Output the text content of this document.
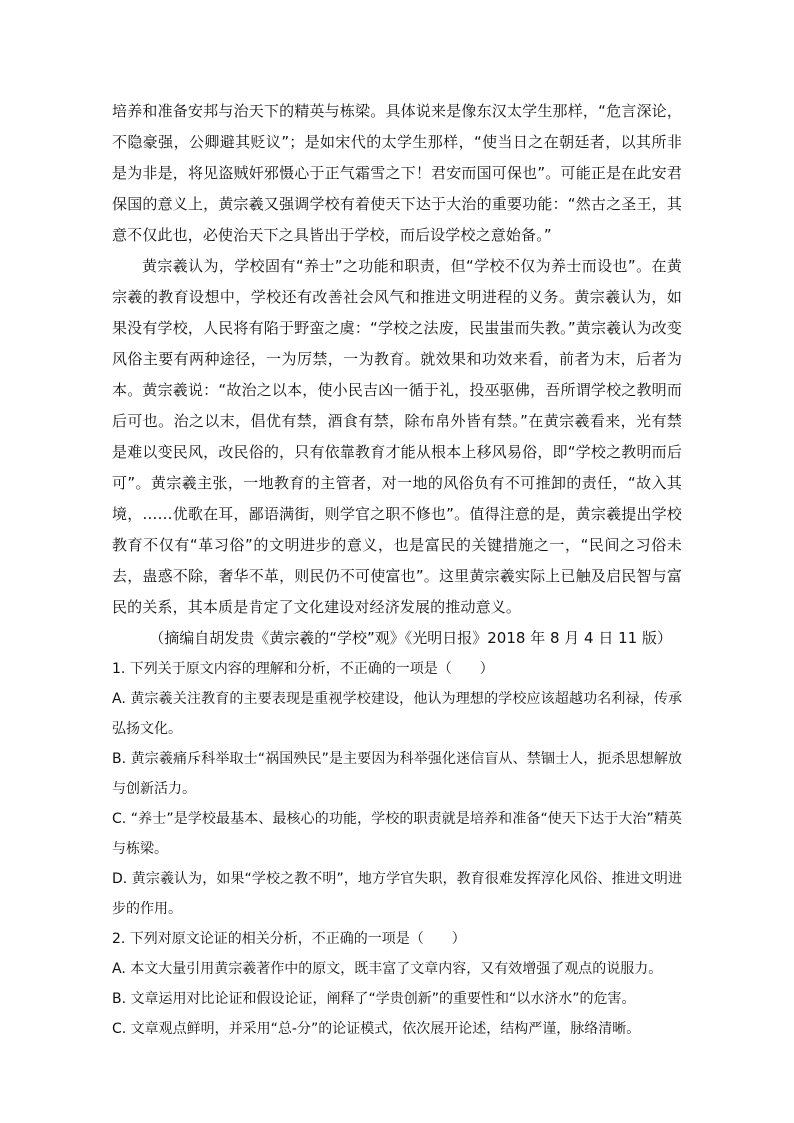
培养和准备安邦与治天下的精英与栋梁。具体说来是像东汉太学生那样，“危言深论，不隐豪强，公卿避其贬议”；是如宋代的太学生那样，“使当日之在朝廷者，以其所非是为非是，将见盗贼奸邪慑心于正气霜雪之下！君安而国可保也”。可能正是在此安君保国的意义上，黄宗羲又强调学校有着使天下达于大治的重要功能：“然古之圣王，其意不仅此也，必使治天下之具皆出于学校，而后设学校之意始备。”

黄宗羲认为，学校固有“养士”之功能和职责，但“学校不仅为养士而设也”。在黄宗羲的教育设想中，学校还有改善社会风气和推进文明进程的义务。黄宗羲认为，如果没有学校，人民将有陷于野蛮之虞：“学校之法废，民蚩蚩而失教。”黄宗羲认为改变风俗主要有两种途径，一为厉禁，一为教育。就效果和功效来看，前者为末，后者为本。黄宗羲说：“故治之以本，使小民吉凶一循于礼，投巫驱佛，吾所谓学校之教明而后可也。治之以末，倡优有禁，酒食有禁，除布帛外皆有禁。”在黄宗羲看来，光有禁是难以变民风，改民俗的，只有依靠教育才能从根本上移风易俗，即“学校之教明而后可”。黄宗羲主张，一地教育的主管者，对一地的风俗负有不可推卸的责任，“故入其境，……优歌在耳，鄙语满街，则学官之职不修也”。值得注意的是，黄宗羲提出学校教育不仅有“革习俗”的文明进步的意义，也是富民的关键措施之一，“民间之习俗未去，蛊惑不除，奢华不革，则民仍不可使富也”。这里黄宗羲实际上已触及启民智与富民的关系，其本质是肯定了文化建设对经济发展的推动意义。

（摘编自胡发贵《黄宗羲的“学校”观》《光明日报》2018 年 8 月 4 日 11 版）

1. 下列关于原文内容的理解和分析，不正确的一项是（　　）

A. 黄宗羲关注教育的主要表现是重视学校建设，他认为理想的学校应该超越功名利禄，传承弘扬文化。

B. 黄宗羲痛斥科举取士“祸国殃民”是主要因为科举强化迷信盲从、禁锢士人，扼杀思想解放与创新活力。

C. “养士”是学校最基本、最核心的功能，学校的职责就是培养和准备“使天下达于大治”精英与栋梁。

D. 黄宗羲认为，如果“学校之教不明”，地方学官失职，教育很难发挥淳化风俗、推进文明进步的作用。

2. 下列对原文论证的相关分析，不正确的一项是（　　）

A. 本文大量引用黄宗羲著作中的原文，既丰富了文章内容，又有效增强了观点的说服力。

B. 文章运用对比论证和假设论证，阐释了“学贵创新”的重要性和“以水济水”的危害。

C. 文章观点鲜明，并采用“总-分”的论证模式，依次展开论述，结构严谨，脉络清晰。
